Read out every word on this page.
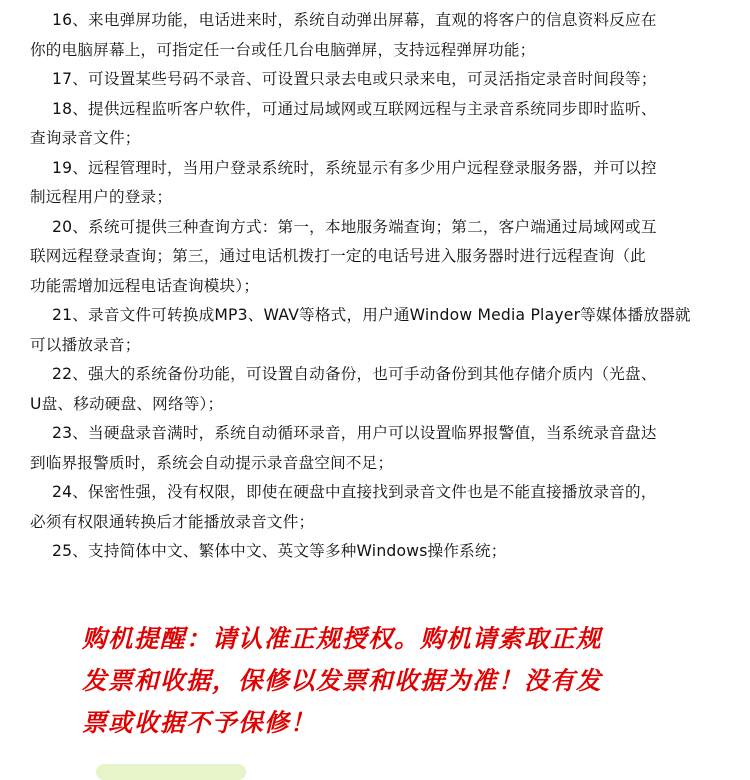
16、来电弹屏功能，电话进来时，系统自动弹出屏幕，直观的将客户的信息资料反应在
你的电脑屏幕上，可指定任一台或任几台电脑弹屏，支持远程弹屏功能；
17、可设置某些号码不录音、可设置只录去电或只录来电，可灵活指定录音时间段等；
18、提供远程监听客户软件，可通过局域网或互联网远程与主录音系统同步即时监听、
查询录音文件；
19、远程管理时，当用户登录系统时，系统显示有多少用户远程登录服务器，并可以控
制远程用户的登录；
20、系统可提供三种查询方式：第一，本地服务端查询；第二，客户端通过局域网或互
联网远程登录查询；第三，通过电话机拨打一定的电话号进入服务器时进行远程查询（此
功能需增加远程电话查询模块）；
21、录音文件可转换成MP3、WAV等格式，用户通Window Media Player等媒体播放器就
可以播放录音；
22、强大的系统备份功能，可设置自动备份，也可手动备份到其他存储介质内（光盘、
U盘、移动硬盘、网络等）；
23、当硬盘录音满时，系统自动循环录音，用户可以设置临界报警值，当系统录音盘达
到临界报警质时，系统会自动提示录音盘空间不足；
24、保密性强，没有权限，即使在硬盘中直接找到录音文件也是不能直接播放录音的，
必须有权限通转换后才能播放录音文件；
25、支持简体中文、繁体中文、英文等多种Windows操作系统；
购机提醒：请认准正规授权。购机请索取正规
发票和收据，保修以发票和收据为准！没有发
票或收据不予保修！
